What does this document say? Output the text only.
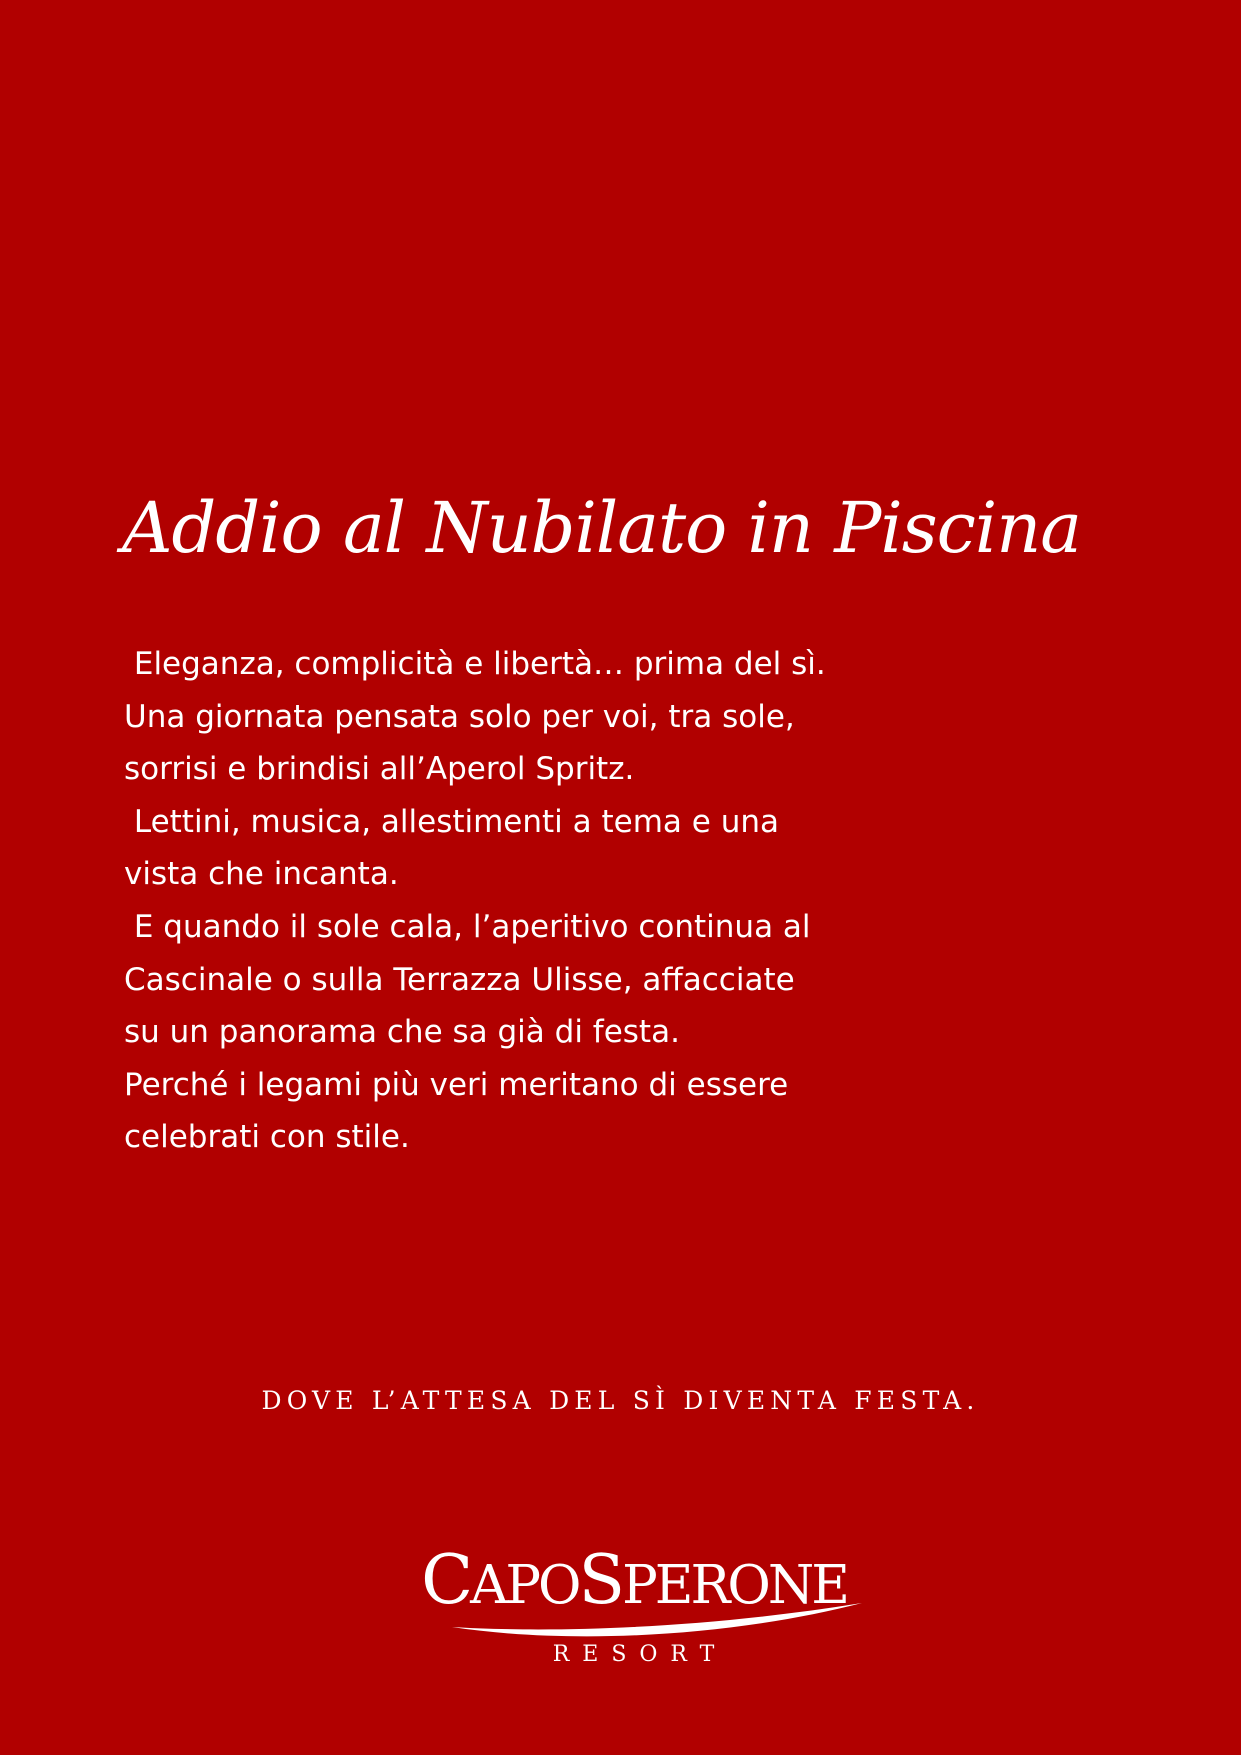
Addio al Nubilato in Piscina
Eleganza, complicità e libertà… prima del sì.
Una giornata pensata solo per voi, tra sole,
sorrisi e brindisi all’Aperol Spritz.
Lettini, musica, allestimenti a tema e una
vista che incanta.
E quando il sole cala, l’aperitivo continua al
Cascinale o sulla Terrazza Ulisse, affacciate
su un panorama che sa già di festa.
Perché i legami più veri meritano di essere
celebrati con stile.

DOVE L’ATTESA DEL SÌ DIVENTA FESTA.

CAPOSPERONE
RESORT
